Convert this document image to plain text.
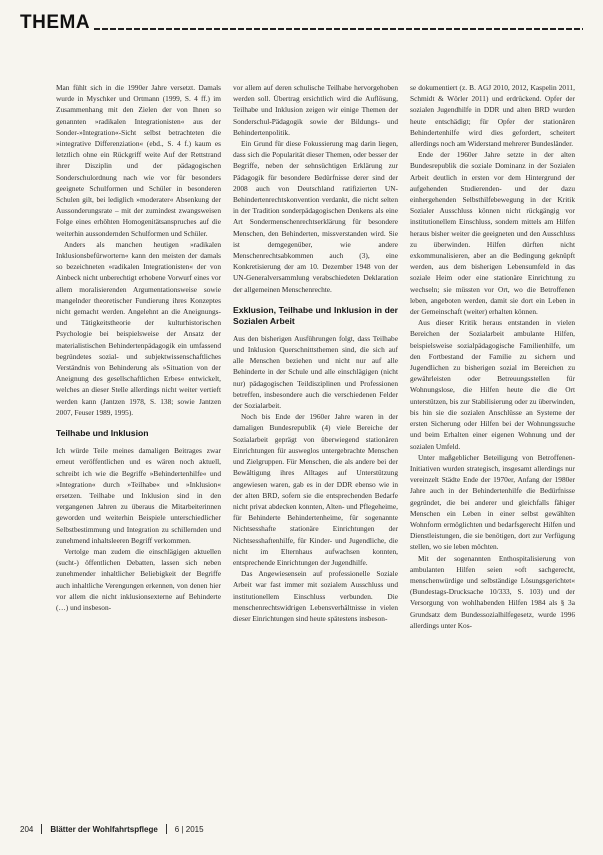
THEMA

Man fühlt sich in die 1990er Jahre versetzt. Damals wurde in Myschker und Ortmann (1999, S. 4 ff.) im Zusammenhang mit den Zielen der von Ihnen so genannten »radikalen Integrationisten« aus der Sonder-»Integration«-Sicht selbst betrachteten die »integrative Differenziation« (ebd., S. 4 f.) kaum es letztlich ohne ein Rückgriff weite Auf der Rettstrand ihrer Disziplin und der pädagogischen Sonderschulordnung nach wie vor für besonders geeignete Schulformen und Schüler in besonderen Schulen gilt, bei lediglich »moderater« Absenkung der Aussonderungsrate – mit der zumindest zwangsweisen Folge eines erhöhten Homogenitätsanspruches auf die weiterhin aussondernden Schulformen und Schüler.

Anders als manchen heutigen »radikalen Inklusionsbefürwortern« kann den meisten der damals so bezeichneten »radikalen Integrationisten« der von Ainbeck nicht unberechtigt erhobene Vorwurf eines vor allem moralisierenden Argumentationsweise sowie mangelnder theoretischer Fundierung ihres Konzeptes nicht gemacht werden. Angelehnt an die Aneignungs- und Tätigkeitstheorie der kulturhistorischen Psychologie bei beispielsweise der Ansatz der materialistischen Behindertenpädagogik ein umfassend begründetes sozial- und subjektwissenschaftliches Verständnis von Behinderung als »Situation von der Aneignung des gesellschaftlichen Erbes« entwickelt, welches an dieser Stelle allerdings nicht weiter vertieft werden kann (Jantzen 1978, S. 138; sowie Jantzen 2007, Feuser 1989, 1995).

Teilhabe und Inklusion

Ich würde Teile meines damaligen Beitrages zwar erneut veröffentlichen und es wären noch aktuell, schreibt ich wie die Begriffe »Behindertenhilfe« und »Integration« durch »Teilhabe« und »Inklusion« ersetzen. Teilhabe und Inklusion sind in den vergangenen Jahren zu überaus die Mitarbeiterinnen geworden und weiterhin Beispiele unterschiedlicher Selbstbestimmung und Integration zu schillernden und zunehmend inhaltsleeren Begriff verkommen.

Vertolge man zudem die einschlägigen aktuellen (sucht-) öffentlichen Debatten, lassen sich neben zunehmender inhaltlicher Beliebigkeit der Begriffe auch inhaltliche Verengungen erkennen, von denen hier vor allem die nicht inklusionsexterne auf Behinderte (…) und insbeson-

vor allem auf deren schulische Teilhabe hervorgehoben werden soll. Übertrag ersichtlich wird die Auflösung, Teilhabe und Inklusion zeigen wir einige Themen der Sonderschul-Pädagogik sowie der Bildungs- und Behindertenpolitik.

Ein Grund für diese Fokussierung mag darin liegen, dass sich die Popularität dieser Themen, oder besser der Begriffe, neben der sehnsüchtigen Erklärung zur Pädagogik für besondere Bedürfnisse derer sind der 2008 auch von Deutschland ratifizierten UN-Behindertenrechtskonvention verdankt, die nicht selten in der Tradition sonderpädagogischen Denkens als eine Art Sondermenschenrechtserklärung für besondere Menschen, den Behinderten, missverstanden wird. Sie ist demgegenüber, wie andere Menschenrechtsabkommen auch (3), eine Konkretisierung der am 10. Dezember 1948 von der UN-Generalversammlung verabschiedeten Deklaration der allgemeinen Menschenrechte.

Exklusion, Teilhabe und Inklusion in der Sozialen Arbeit

Aus den bisherigen Ausführungen folgt, dass Teilhabe und Inklusion Querschnittsthemen sind, die sich auf alle Menschen beziehen und nicht nur auf alle Behinderte in der Schule und alle einschlägigen (nicht nur) pädagogischen Teildisziplinen und Professionen betreffen, insbesondere auch die verschiedenen Felder der Sozialarbeit.

Noch bis Ende der 1960er Jahre waren in der damaligen Bundesrepublik (4) viele Bereiche der Sozialarbeit geprägt von überwiegend stationären Einrichtungen für ausweglos untergebrachte Menschen und Zielgruppen. Für Menschen, die als andere bei der Bewältigung ihres Alltages auf Unterstützung angewiesen waren, gab es in der DDR ebenso wie in der alten BRD, sofern sie die entsprechenden Bedarfe nicht privat abdecken konnten, Alten- und Pflegeheime, für Behinderte Behindertenheime, für sogenannte Nichtsesshafte stationäre Einrichtungen der Nichtsesshaftenhilfe, für Kinder- und Jugendliche, die nicht im Elternhaus aufwachsen konnten, entsprechende Einrichtungen der Jugendhilfe.

Das Angewiesensein auf professionelle Soziale Arbeit war fast immer mit sozialem Ausschluss und institutionellem Einschluss verbunden. Die menschenrechtswidrigen Lebensverhältnisse in vielen dieser Einrichtungen sind heute spätestens insbeson-

se dokumentiert (z. B. AGJ 2010, 2012, Kaspelin 2011, Schmidt & Wörler 2011) und erdrückend. Opfer der sozialen Jugendhilfe in DDR und alten BRD wurden heute entschädigt; für Opfer der stationären Behindertenhilfe wird dies gefordert, scheitert allerdings noch am Widerstand mehrerer Bundesländer.

Ende der 1960er Jahre setzte in der alten Bundesrepublik die soziale Dominanz in der Sozialen Arbeit deutlich in ersten vor dem Hintergrund der aufgehenden Studierenden- und der dazu einhergehenden Selbsthilfebewegung in der Kritik Sozialer Ausschluss können nicht rückgängig vor institutionellem Einschluss, sondern mittels am Hilfen heraus bisher weiter die geeigneten und den Ausschluss zu überwinden. Hilfen dürften nicht exkommunalisieren, aber an die Bedingung geknüpft werden, aus dem bisherigen Lebensumfeld in das soziale Heim oder eine stationäre Einrichtung zu wechseln; sie müssten vor Ort, wo die Betroffenen leben, angeboten werden, damit sie dort ein Leben in der Gemeinschaft (weiter) erhalten können.

Aus dieser Kritik heraus entstanden in vielen Bereichen der Sozialarbeit ambulante Hilfen, beispielsweise sozialpädagogische Familienhilfe, um den Fortbestand der Familie zu sichern und Jugendlichen zu bisherigen sozial im Bereichen zu gewährleisten oder Betreuungsstellen für Wohnungslose, die Hilfen heute die die Ort unterstützen, bis zur Stabilisierung oder zu überwinden, bis hin sie die sozialen Anschlüsse an Systeme der ersten Sicherung oder Hilfen bei der Wohnungssuche und beim Erhalten einer eigenen Wohnung und der sozialen Umfeld.

Unter maßgeblicher Beteiligung von Betroffenen-Initiativen wurden strategisch, insgesamt allerdings nur vereinzelt Städte Ende der 1970er, Anfang der 1980er Jahre auch in der Behindertenhilfe die Bedürfnisse gegründet, die bei anderer und gleichfalls fähiger Menschen ein Leben in einer selbst gewählten Wohnform ermöglichten und bedarfsgerecht Hilfen und Dienstleistungen, die sie benötigen, dort zur Verfügung stellen, wo sie leben möchten.

Mit der sogenannten Enthospitalisierung von ambulanten Hilfen seien »oft sachgerecht, menschenwürdige und selbständige Lösungsgerichtet« (Bundestags-Drucksache 10/333, S. 103) und der Versorgung von wohlhabenden Hilfen 1984 als § 3a Grundsatz dem Bundessozialhilfegesetz, wurde 1996 allerdings unter Kos-

204 Blätter der Wohlfahrtspflege 6 | 2015
